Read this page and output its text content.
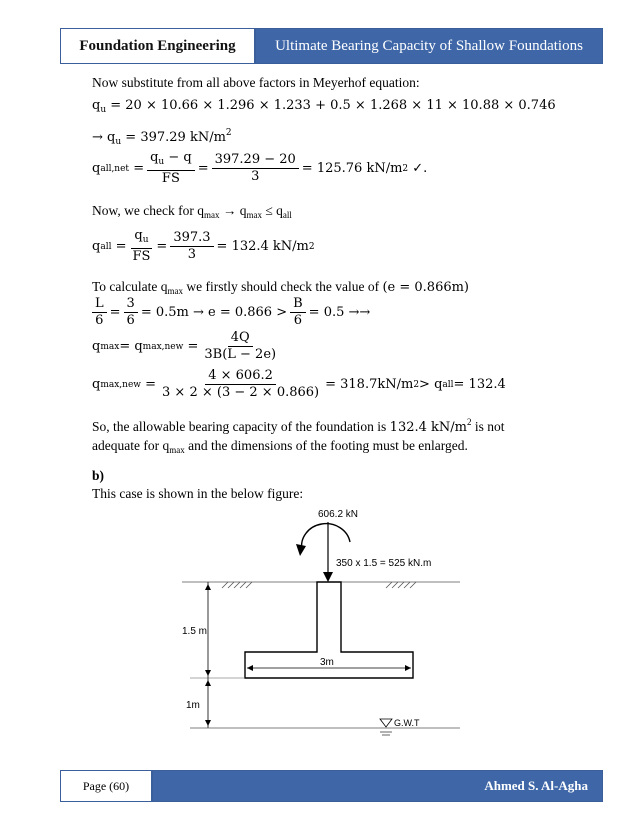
Foundation Engineering	Ultimate Bearing Capacity of Shallow Foundations
Now substitute from all above factors in Meyerhof equation:
$q_u = 20 \times 10.66 \times 1.296 \times 1.233 + 0.5 \times 1.268 \times 11 \times 10.88 \times 0.746$
→ $q_u = 397.29$ $kN/m^2$
q $all,net = \frac{q_u - q}{FS} = \frac{397.29 - 20}{3} = 125.76$ kN/m 2
✓.
Now, we check for $q_{max} \to q_{max} \le q_{all}$
q all = $\frac{q_u}{FS} = \frac{397.3}{3} = 132.4$ kN/m 2
To calculate $q_{max}$ we firstly should check the value of (e = 0.866m)
$\frac{L}{6} = \frac{3}{6} = 0.5m \to e = 0.866 > \frac{B}{6} = 0.5$ →→
q max = q $\max,new = \frac{4Q}{3B(L - 2e)}$
q $\max,new = \frac{4 \times 606.2}{3 \times 2 \times (3 - 2 \times 0.866)} = 318.7kN/m$ 2 > q all = 132.4
So, the allowable bearing capacity of the foundation is 132.4 $kN/m^2$ is not
adequate for $q_{max}$ and the dimensions of the footing must be enlarged.
b)
This case is shown in the below figure:
606.2 kN
350 x 1.5 = 525 kN.m
3m
1.5 m
1m
G.W.T
Page (60)	Ahmed S. Al-Agha
